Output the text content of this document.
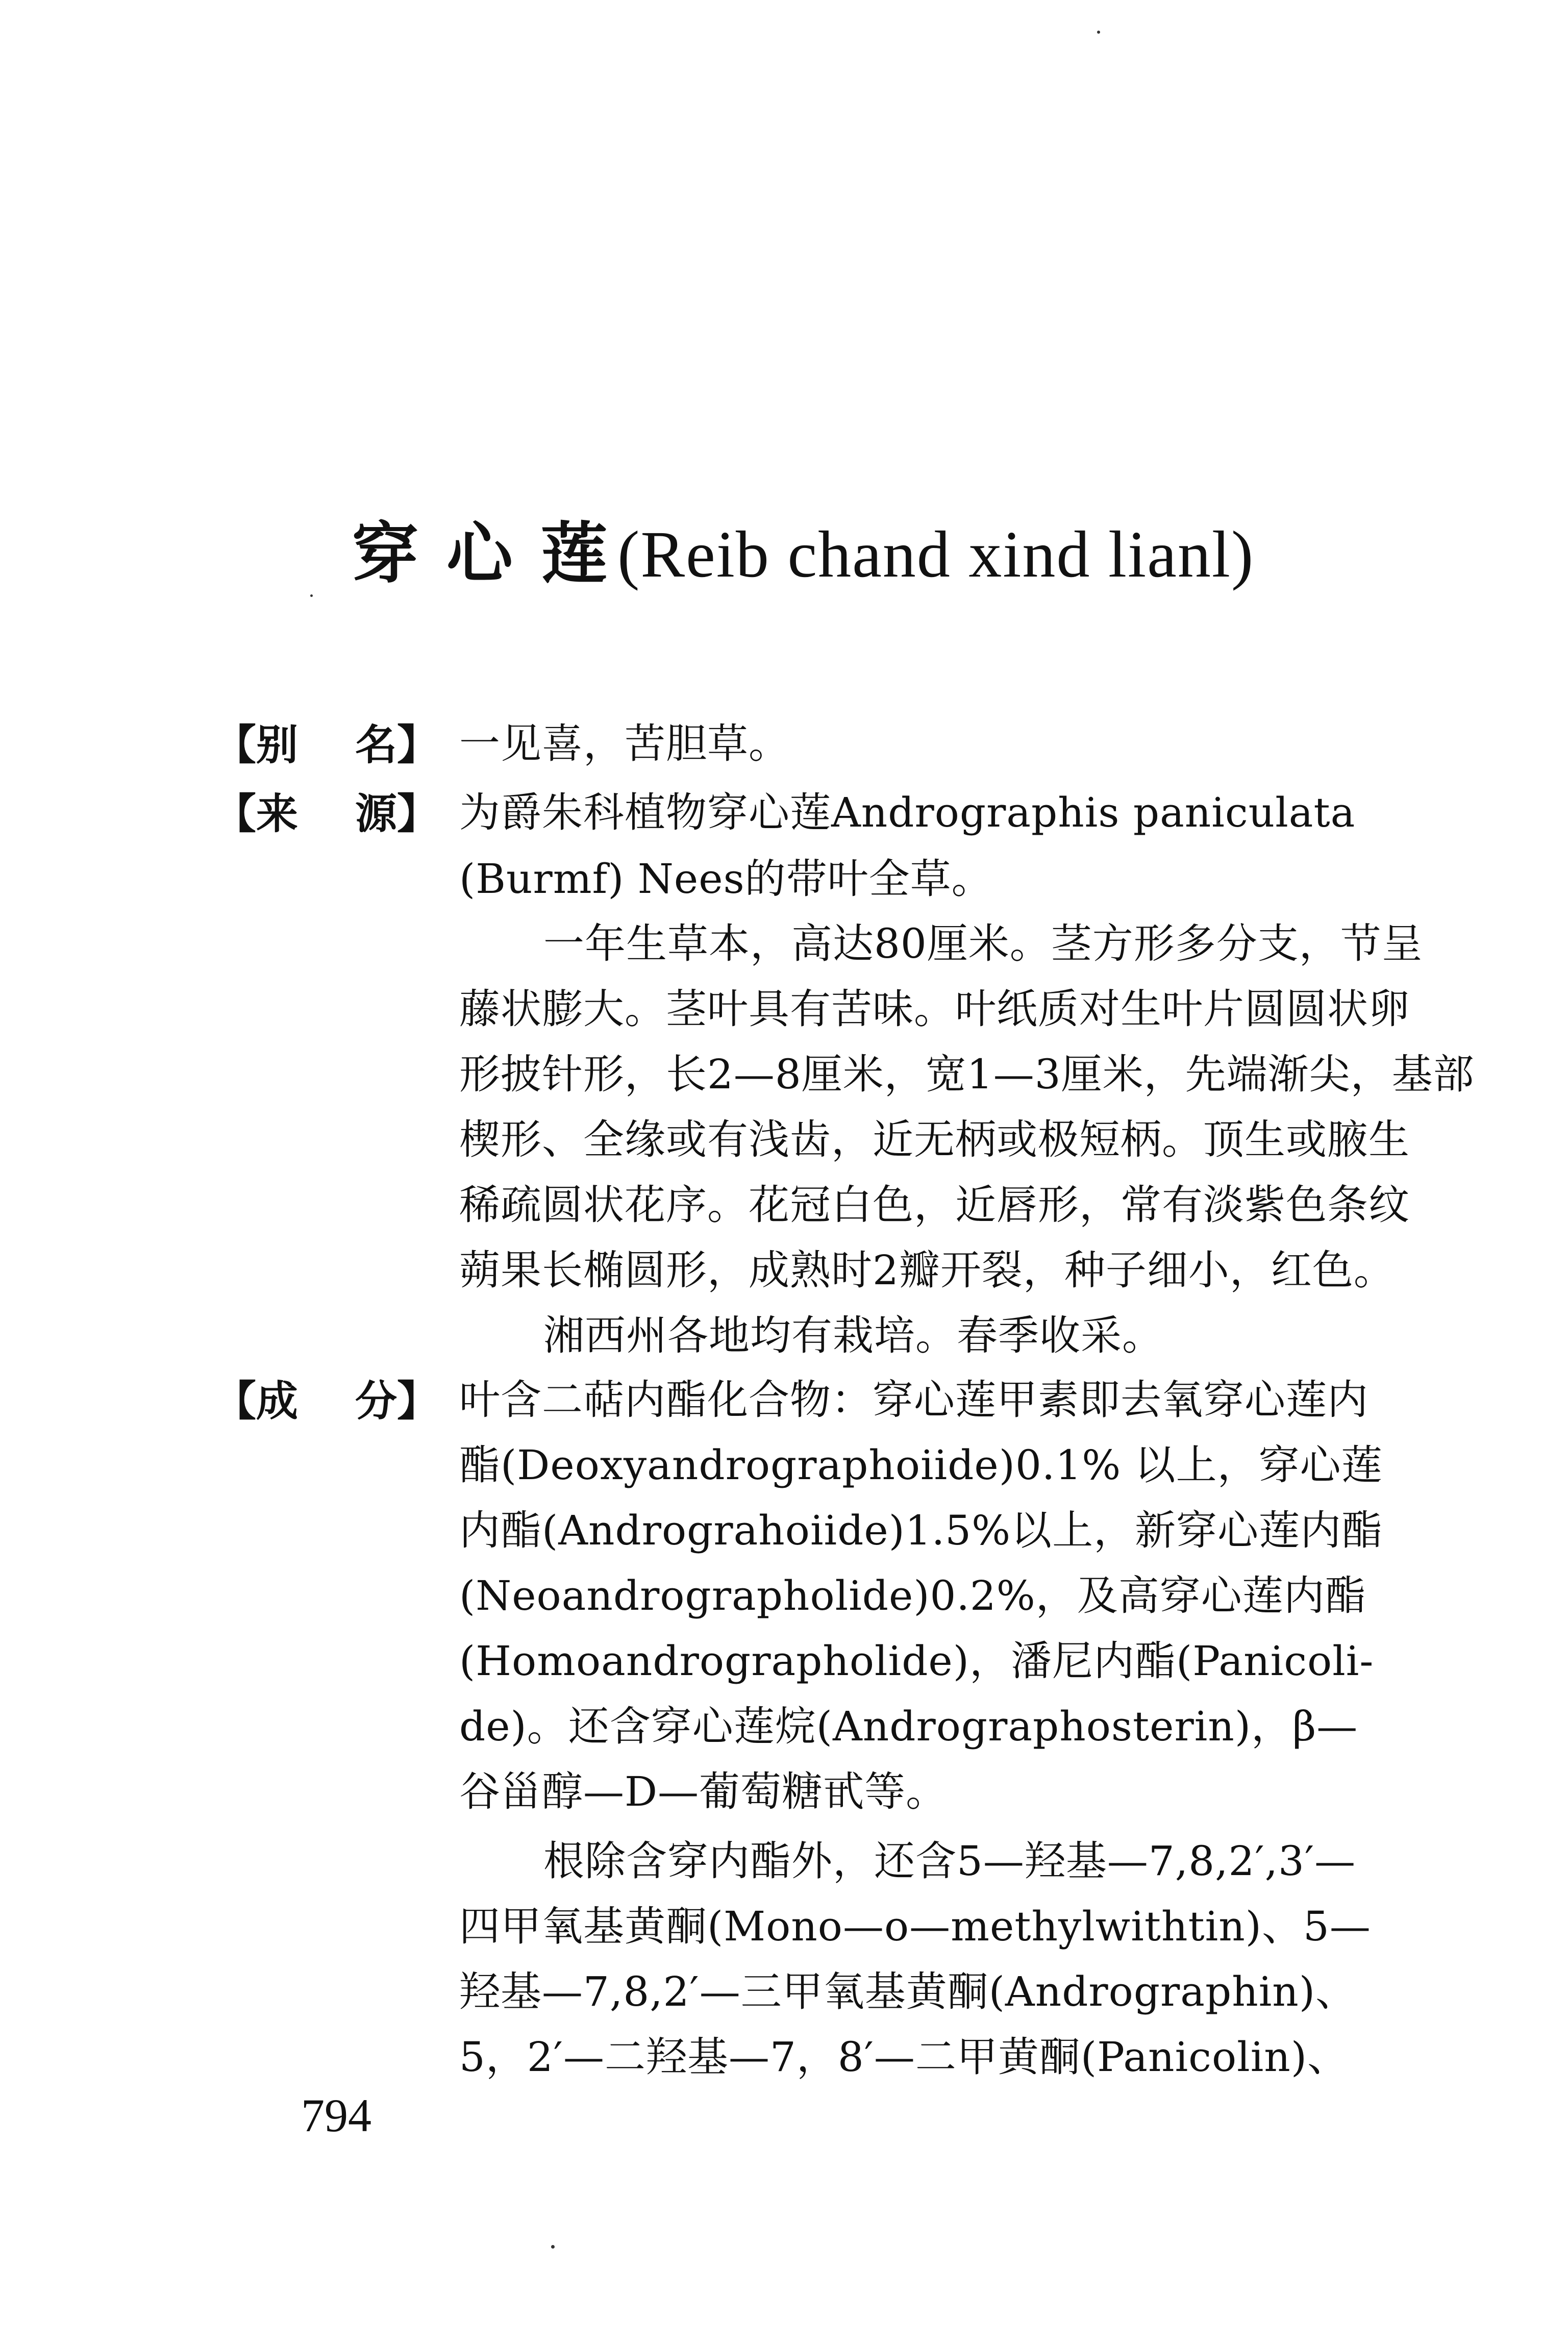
穿心莲 (Reib chand xind lianl)
【别 名】 一见喜，苦胆草。
【来 源】 为爵朱科植物穿心莲Andrographis paniculata
(Burmf) Nees的带叶全草。
一年生草本，高达80厘米。茎方形多分支，节呈
藤状膨大。茎叶具有苦味。叶纸质对生叶片圆圆状卵
形披针形，长2—8厘米，宽1—3厘米，先端渐尖，基部
楔形、全缘或有浅齿，近无柄或极短柄。顶生或腋生
稀疏圆状花序。花冠白色，近唇形，常有淡紫色条纹
蒴果长椭圆形，成熟时2瓣开裂，种子细小，红色。
湘西州各地均有栽培。春季收采。
【成 分】 叶含二萜内酯化合物：穿心莲甲素即去氧穿心莲内
酯(Deoxyandrographoiide)0.1% 以上，穿心莲
内酯(Andrograhoiide)1.5%以上，新穿心莲内酯
(Neoandrographolide)0.2%，及高穿心莲内酯
(Homoandrographolide)，潘尼内酯(Panicoli-
de)。还含穿心莲烷(Andrographosterin)，β—
谷甾醇—D—葡萄糖甙等。
根除含穿内酯外，还含5—羟基—7,8,2′,3′—
四甲氧基黄酮(Mono—o—methylwithtin)、5—
羟基—7,8,2′—三甲氧基黄酮(Andrographin)、
5，2′—二羟基—7，8′—二甲黄酮(Panicolin)、
794
